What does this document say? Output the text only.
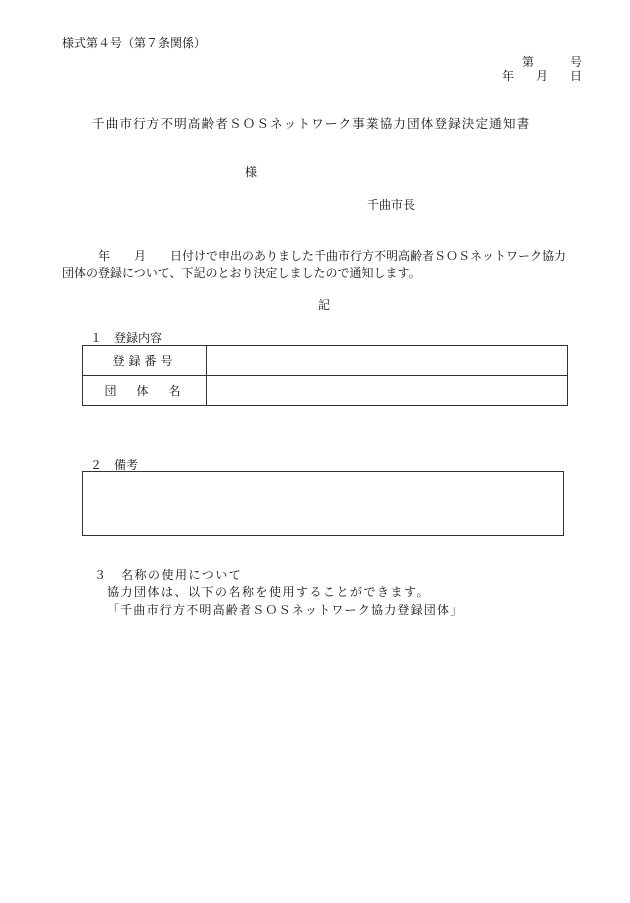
様式第４号（第７条関係）
第	号
年 月 日
千曲市行方不明高齢者ＳＯＳネットワーク事業協力団体登録決定通知書
様
千曲市長
年　　月　　日付けで申出のありました千曲市行方不明高齢者ＳＯＳネットワーク協力
団体の登録について、下記のとおり決定しましたので通知します。
記
１　登録内容
登録番号	
団　体　名	
２　備考
３　名称の使用について
協力団体は、以下の名称を使用することができます。
「千曲市行方不明高齢者ＳＯＳネットワーク協力登録団体」
